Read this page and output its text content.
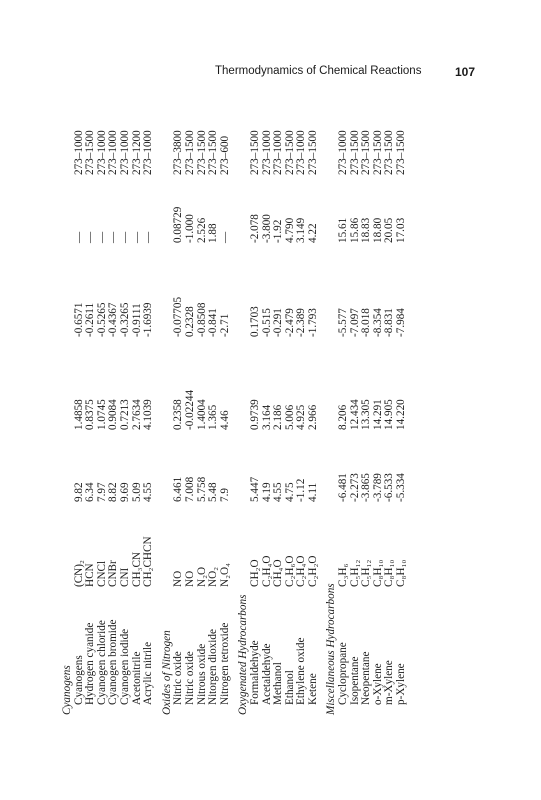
Thermodynamics of Chemical Reactions	107
Cyanogens Cyanogens Hydrogen cyanide Cyanogen chloride Cyanogen bromide Cyanogen iodide Acetonitrile Acrylic nitrile Oxides of Nitrogen Nitric oxide Nitric oxide Nitrous oxide Nitorgen dioxide Nitrogen tetroxide Oxygenated Hydrocarbons Formaldehyde Acetaldehyde Methanol Ethanol Ethylene oxide Ketene Miscellaneous Hydrocarbons Cyclopropane Isopentane Neopentane o-Xylene m-Xylene p-Xylene
(CN)₂ HCN CNCl CNBr CNI CH₃CN CH₂CHCN NO NO N₂O NO₂ N₂O₄ CH₂O C₂H₄O CH₄O C₂H₆O C₂H₄O C₂H₂O C₃H₆ C₅H₁₂ C₅H₁₂ C₈H₁₀ C₈H₁₀ C₈H₁₀
9.82 6.34 7.97 8.82 9.69 5.09 4.55 6.461 7.008 5.758 5.48 7.9 5.447 4.19 4.55 4.75 -1.12 4.11 -6.481 -2.273 -3.865 -3.789 -6.533 -5.334
1.4858 0.8375 1.0745 0.9084 0.7213 2.7634 4.1039 0.2358 -0.02244 1.4004 1.365 4.46 0.9739 3.164 2.186 5.006 4.925 2.966 8.206 12.434 13.305 14.291 14.905 14.220
-0.6571 -0.2611 -0.5265 -0.4367 -0.3265 -0.9111 -1.6939 -0.07705 0.2328 -0.8508 -0.841 -2.71 0.1703 -0.515 -0.291 -2.479 -2.389 -1.793 -5.577 -7.097 -8.018 -8.354 -8.831 -7.984
— — — — — — — 0.08729 -1.000 2.526 1.88 — -2.078 -3.800 -1.92 4.790 3.149 4.22 15.61 15.86 18.83 18.80 20.05 17.03
273–1000 273–1500 273–1000 273–1000 273–1000 273–1200 273–1000 273–3800 273–1500 273–1500 273–1500 273–600 273–1500 273–1000 273–1000 273–1500 273–1000 273–1500 273–1000 273–1500 273–1500 273–1500 273–1500 273–1500
